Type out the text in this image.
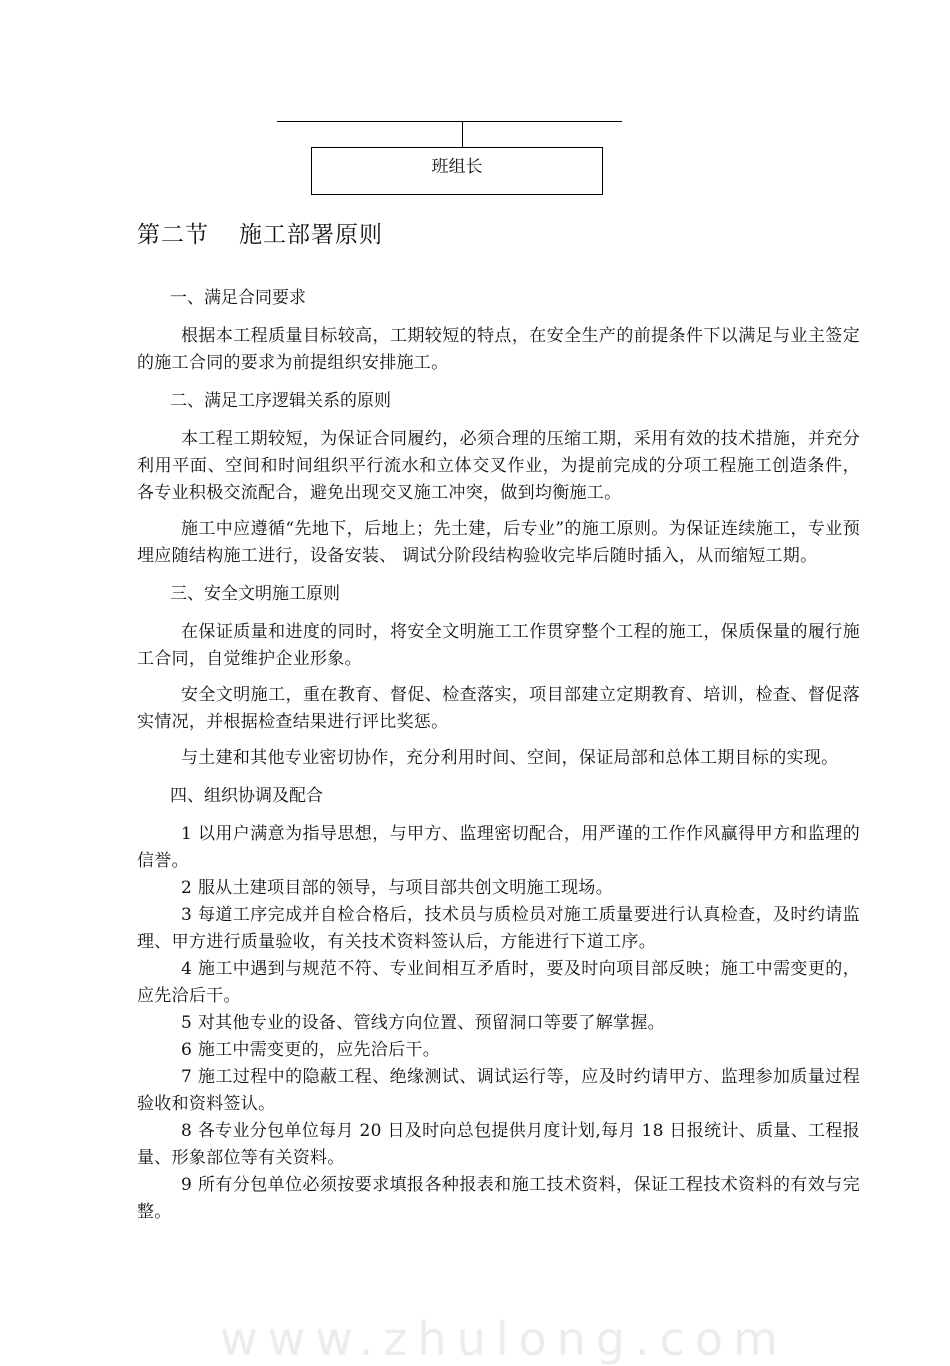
班组长
第二节 施工部署原则
一、满足合同要求
根据本工程质量目标较高，工期较短的特点，在安全生产的前提条件下以满足与业主签定的施工合同的要求为前提组织安排施工。
二、满足工序逻辑关系的原则
本工程工期较短，为保证合同履约，必须合理的压缩工期，采用有效的技术措施，并充分利用平面、空间和时间组织平行流水和立体交叉作业，为提前完成的分项工程施工创造条件，各专业积极交流配合，避免出现交叉施工冲突，做到均衡施工。
施工中应遵循“先地下，后地上；先土建，后专业”的施工原则。为保证连续施工，专业预埋应随结构施工进行，设备安装、 调试分阶段结构验收完毕后随时插入，从而缩短工期。
三、安全文明施工原则
在保证质量和进度的同时，将安全文明施工工作贯穿整个工程的施工，保质保量的履行施工合同，自觉维护企业形象。
安全文明施工，重在教育、督促、检查落实，项目部建立定期教育、培训，检查、督促落实情况，并根据检查结果进行评比奖惩。
与土建和其他专业密切协作，充分利用时间、空间，保证局部和总体工期目标的实现。
四、组织协调及配合
1 以用户满意为指导思想，与甲方、监理密切配合，用严谨的工作作风赢得甲方和监理的信誉。
2 服从土建项目部的领导，与项目部共创文明施工现场。
3 每道工序完成并自检合格后，技术员与质检员对施工质量要进行认真检查，及时约请监理、甲方进行质量验收，有关技术资料签认后，方能进行下道工序。
4 施工中遇到与规范不符、专业间相互矛盾时，要及时向项目部反映；施工中需变更的，应先洽后干。
5 对其他专业的设备、管线方向位置、预留洞口等要了解掌握。
6 施工中需变更的，应先洽后干。
7 施工过程中的隐蔽工程、绝缘测试、调试运行等，应及时约请甲方、监理参加质量过程验收和资料签认。
8 各专业分包单位每月 20 日及时向总包提供月度计划,每月 18 日报统计、质量、工程报量、形象部位等有关资料。
9 所有分包单位必须按要求填报各种报表和施工技术资料，保证工程技术资料的有效与完整。
www.zhulong.com
